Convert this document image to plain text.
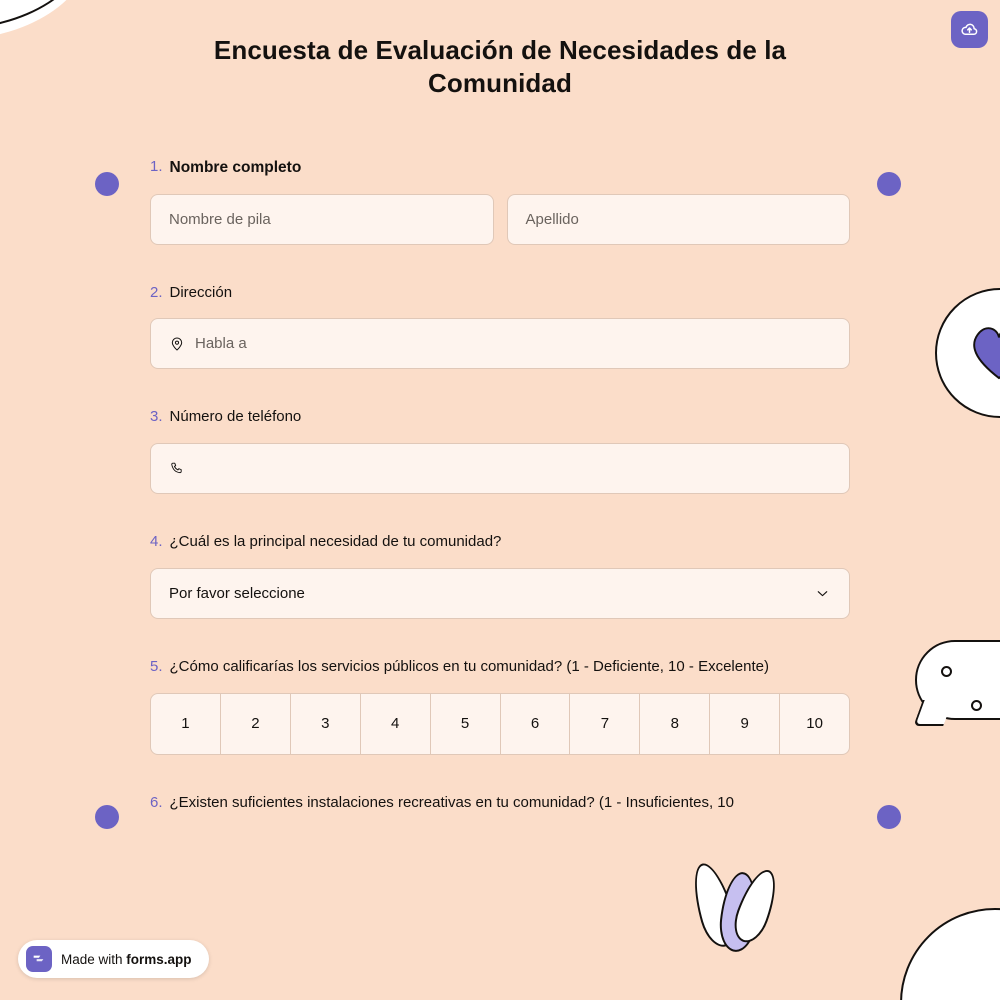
Encuesta de Evaluación de Necesidades de la Comunidad
1. Nombre completo
Nombre de pila	Apellido
2. Dirección
Habla a
3. Número de teléfono
4. ¿Cuál es la principal necesidad de tu comunidad?
Por favor seleccione
5. ¿Cómo calificarías los servicios públicos en tu comunidad? (1 - Deficiente, 10 - Excelente)
1	2	3	4	5	6	7	8	9	10
6. ¿Existen suficientes instalaciones recreativas en tu comunidad? (1 - Insuficientes, 10
Made with forms.app
